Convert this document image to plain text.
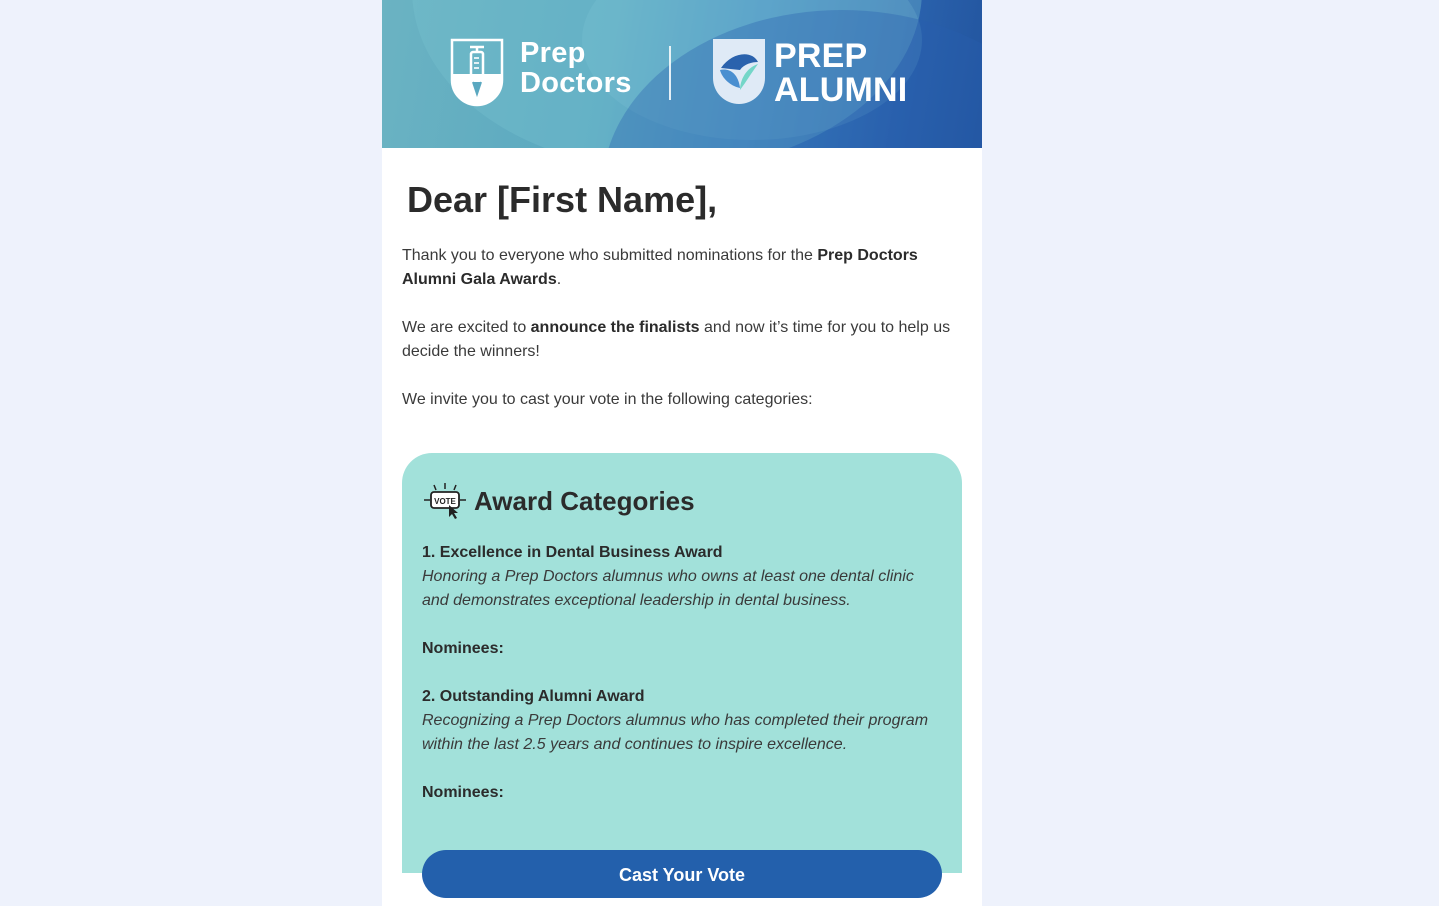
Prep
Doctors
PREP
ALUMNI
Dear [First Name],

Thank you to everyone who submitted nominations for the Prep Doctors Alumni Gala Awards.

We are excited to announce the finalists and now it’s time for you to help us decide the winners!

We invite you to cast your vote in the following categories:

VOTE Award Categories
1. Excellence in Dental Business Award
Honoring a Prep Doctors alumnus who owns at least one dental clinic and demonstrates exceptional leadership in dental business.
Nominees:
2. Outstanding Alumni Award
Recognizing a Prep Doctors alumnus who has completed their program within the last 2.5 years and continues to inspire excellence.
Nominees:
Cast Your Vote
